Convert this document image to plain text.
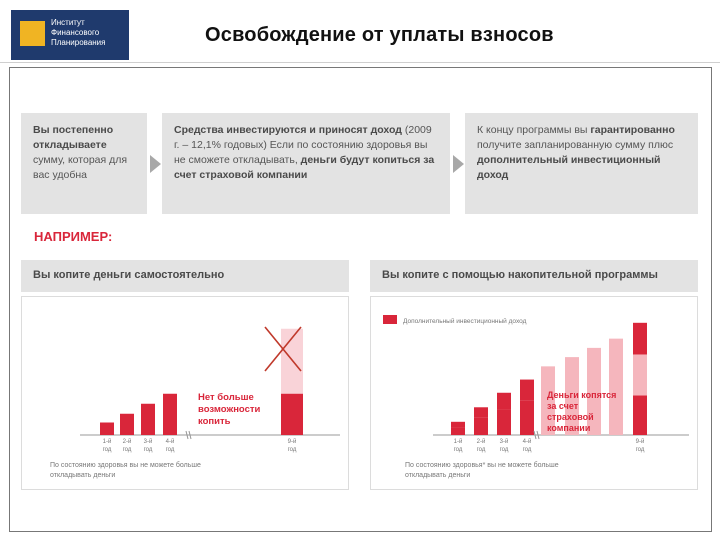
Институт
Финансового
Планирования	Освобождение от уплаты взносов
Вы постепенно откладываете сумму, которая для вас удобна
Средства инвестируются и приносят доход (2009 г. – 12,1% годовых) Если по состоянию здоровья вы не сможете откладывать, деньги будут копиться за счет страховой компании
К концу программы вы гарантированно получите запланированную сумму плюс дополнительный инвестиционный доход
НАПРИМЕР:
Вы копите деньги самостоятельно	Вы копите с помощью накопительной программы
1-й год
2-й год
3-й год
4-й год
9-й год
Нет больше возможности копить
По состоянию здоровья вы не можете больше откладывать деньги
Дополнительный инвестиционный доход
1-й год
2-й год
3-й год
4-й год
9-й год
Деньги копятся за счет страховой компании
По состоянию здоровья* вы не можете больше откладывать деньги
